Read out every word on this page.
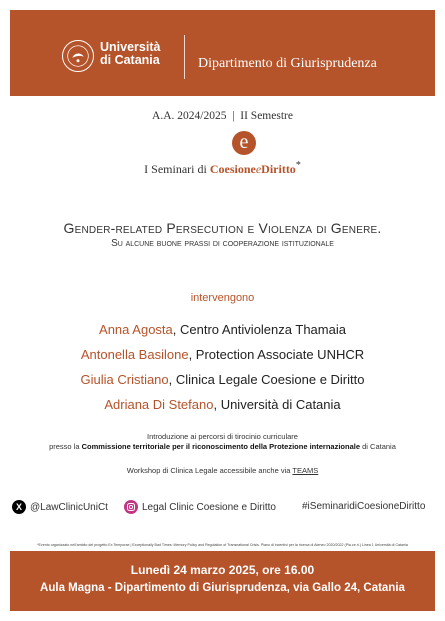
Università
di Catania	Dipartimento di Giurisprudenza
A.A. 2024/2025  |  II Semestre
e
I Seminari di CoesioneeDiritto*
Gender-related Persecution e Violenza di Genere.
Su alcune buone prassi di cooperazione istituzionale
intervengono
Anna Agosta, Centro Antiviolenza Thamaia
Antonella Basilone, Protection Associate UNHCR
Giulia Cristiano, Clinica Legale Coesione e Diritto
Adriana Di Stefano, Università di Catania
Introduzione ai percorsi di tirocinio curriculare
presso la Commissione territoriale per il riconoscimento della Protezione internazionale di Catania
Workshop di Clinica Legale accessibile anche via TEAMS
X @LawClinicUniCt	Legal Clinic Coesione e Diritto	#iSeminaridiCoesioneDiritto
*Evento organizzato nell'ambito del progetto Ex Temporae | Exceptionally Bad Times: Memory Policy and Regulation of Transnational Crisis. Piano di incentivi per la ricerca di Ateneo 2020/2022 (Pia.ce.ri.) Linea 1 Università di Catania
Lunedì 24 marzo 2025, ore 16.00
Aula Magna - Dipartimento di Giurisprudenza, via Gallo 24, Catania
